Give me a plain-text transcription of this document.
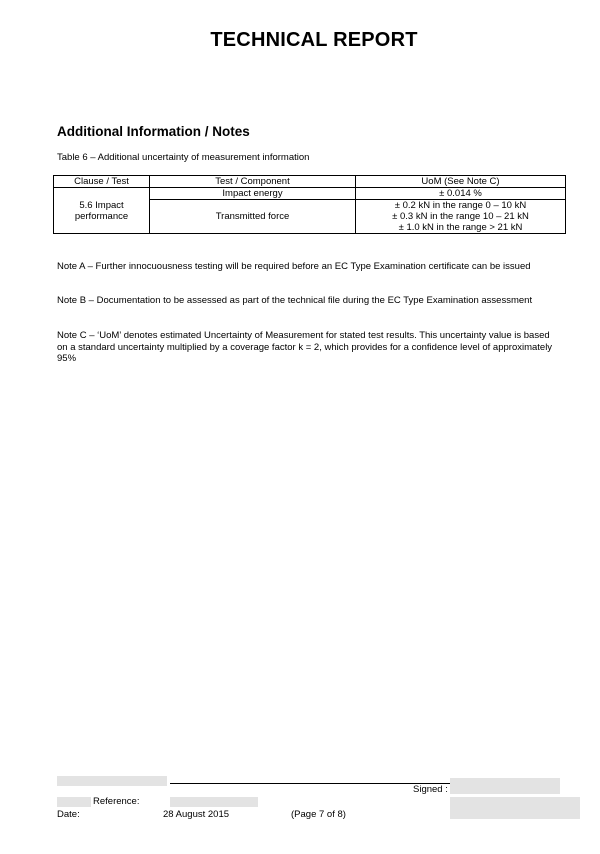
TECHNICAL REPORT
Additional Information / Notes
Table 6 – Additional uncertainty of measurement information
Clause / Test	Test / Component	UoM (See Note C)

5.6 Impact
performance	Impact energy	± 0.014 %
	Transmitted force	± 0.2 kN in the range 0 – 10 kN
± 0.3 kN in the range 10 – 21 kN
± 1.0 kN in the range > 21 kN
Note A – Further innocuousness testing will be required before an EC Type Examination certificate can be issued
Note B – Documentation to be assessed as part of the technical file during the EC Type Examination assessment
Note C – ‘UoM’ denotes estimated Uncertainty of Measurement for stated test results. This uncertainty value is based on a standard uncertainty multiplied by a coverage factor k = 2, which provides for a confidence level of approximately 95%
Signed :
Reference:
Date:	28 August 2015	(Page 7 of 8)
